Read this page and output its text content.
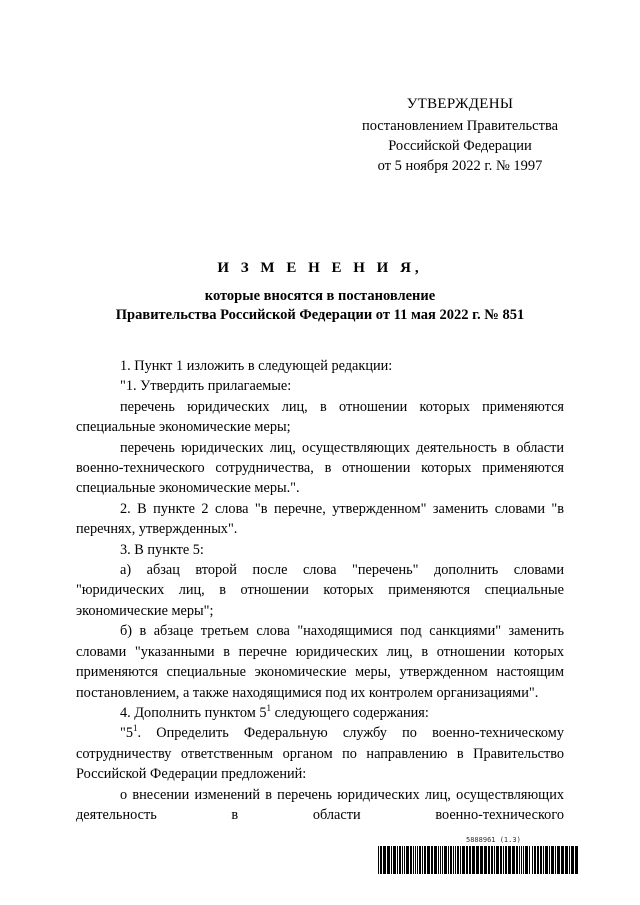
УТВЕРЖДЕНЫ
постановлением Правительства
Российской Федерации
от 5 ноября 2022 г. № 1997
И З М Е Н Е Н И Я,
которые вносятся в постановление
Правительства Российской Федерации от 11 мая 2022 г. № 851

1. Пункт 1 изложить в следующей редакции:

"1. Утвердить прилагаемые:

перечень юридических лиц, в отношении которых применяются специальные экономические меры;

перечень юридических лиц, осуществляющих деятельность в области военно-технического сотрудничества, в отношении которых применяются специальные экономические меры.".

2. В пункте 2 слова "в перечне, утвержденном" заменить словами "в перечнях, утвержденных".

3. В пункте 5:

а) абзац второй после слова "перечень" дополнить словами "юридических лиц, в отношении которых применяются специальные экономические меры";

б) в абзаце третьем слова "находящимися под санкциями" заменить словами "указанными в перечне юридических лиц, в отношении которых применяются специальные экономические меры, утвержденном настоящим постановлением, а также находящимися под их контролем организациями".

4. Дополнить пунктом $5^1$ следующего содержания:

"$5^1$. Определить Федеральную службу по военно-техническому сотрудничеству ответственным органом по направлению в Правительство Российской Федерации предложений:

о внесении изменений в перечень юридических лиц, осуществляющих деятельность в области военно-технического

5888961 (1.3)
